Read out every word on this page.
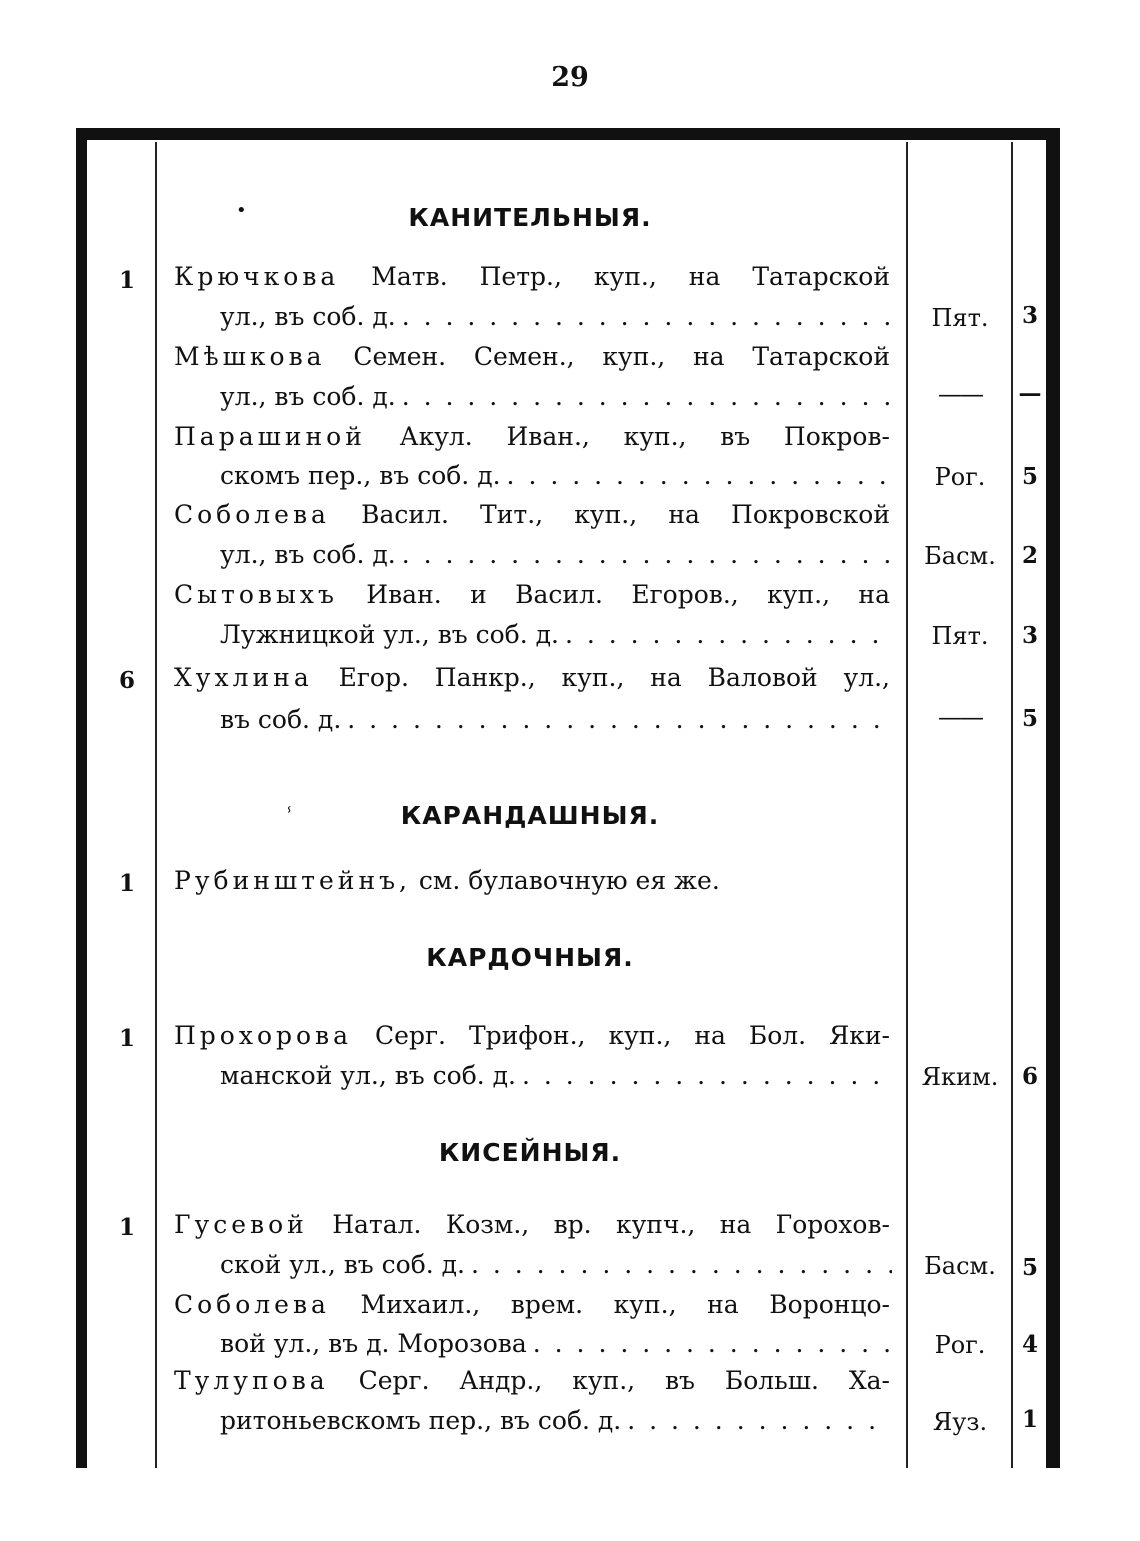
29
•	КАНИТЕЛЬНЫЯ.
1 Крючкова Матв. Петр., куп., на Татарской
ул., въ соб. д.
. . .	Пят.	3
Мѣшкова Семен. Семен., куп., на Татарской
ул., въ соб. д.
. . .	——	—
Парашиной Акул. Иван., куп., въ Покров-
скомъ пер., въ соб. д.
. . .	Рог.	5
Соболева Васил. Тит., куп., на Покровской
ул., въ соб. д.
. . .	Басм.	2
Сытовыхъ Иван. и Васил. Егоров., куп., на
Лужницкой ул., въ соб. д.
. . .	Пят.	3
6 Хухлина Егор. Панкр., куп., на Валовой ул.,
въ соб. д.
. . .	——	5
ⸯ	КАРАНДАШНЫЯ.
1 Рубинштейнъ, см. булавочную ея же.
КАРДОЧНЫЯ.
1 Прохорова Серг. Трифон., куп., на Бол. Яки-
манской ул., въ соб. д.
. . .	Яким.	6
КИСЕЙНЫЯ.
1 Гусевой Натал. Козм., вр. купч., на Горохов-
ской ул., въ соб. д.
. . .	Басм.	5
Соболева Михаил., врем. куп., на Воронцо-
вой ул., въ д. Морозова
. . .	Рог.	4
Тулупова Серг. Андр., куп., въ Больш. Ха-
ритоньевскомъ пер., въ соб. д.
. . .	Яуз.	1
